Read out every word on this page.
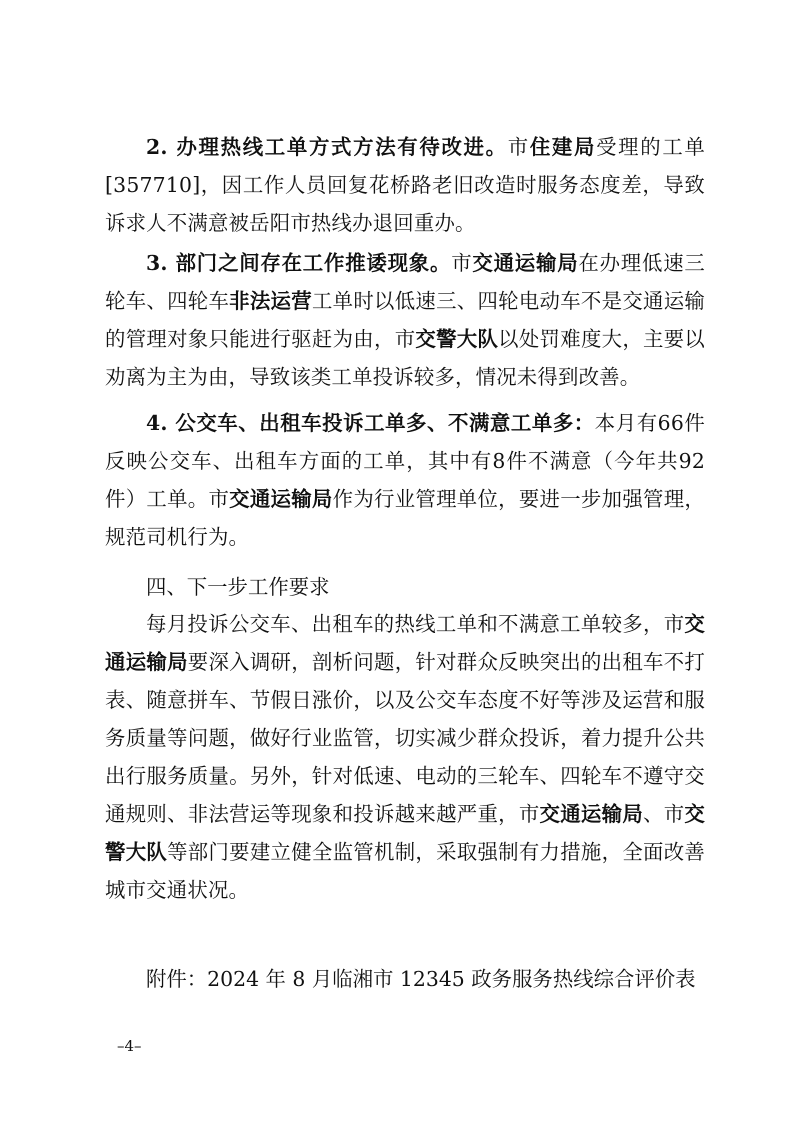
2. 办理热线工单方式方法有待改进。市住建局受理的工单[357710]，因工作人员回复花桥路老旧改造时服务态度差，导致诉求人不满意被岳阳市热线办退回重办。

3. 部门之间存在工作推诿现象。市交通运输局在办理低速三轮车、四轮车非法运营工单时以低速三、四轮电动车不是交通运输的管理对象只能进行驱赶为由，市交警大队以处罚难度大，主要以劝离为主为由，导致该类工单投诉较多，情况未得到改善。

4. 公交车、出租车投诉工单多、不满意工单多：本月有66件反映公交车、出租车方面的工单，其中有8件不满意（今年共92件）工单。市交通运输局作为行业管理单位，要进一步加强管理，规范司机行为。

四、下一步工作要求

每月投诉公交车、出租车的热线工单和不满意工单较多，市交通运输局要深入调研，剖析问题，针对群众反映突出的出租车不打表、随意拼车、节假日涨价，以及公交车态度不好等涉及运营和服务质量等问题，做好行业监管，切实减少群众投诉，着力提升公共出行服务质量。另外，针对低速、电动的三轮车、四轮车不遵守交通规则、非法营运等现象和投诉越来越严重，市交通运输局、市交警大队等部门要建立健全监管机制，采取强制有力措施，全面改善城市交通状况。

附件：2024 年 8 月临湘市 12345 政务服务热线综合评价表

–4–
